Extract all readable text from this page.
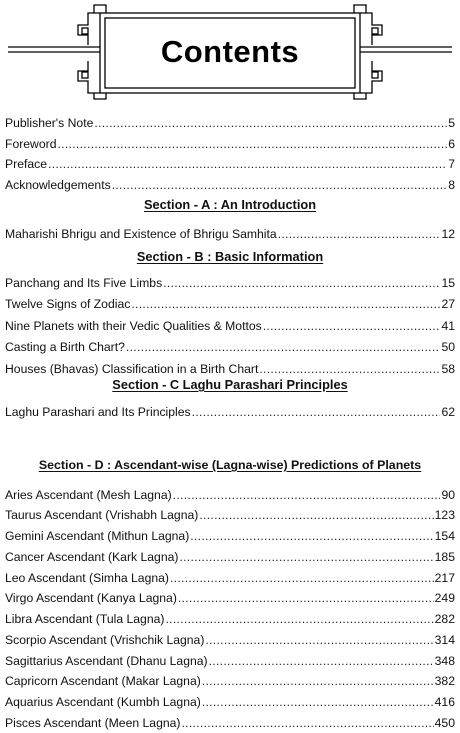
Contents
Publisher's Note .....	5
Foreword .....	6
Preface .....	7
Acknowledgements .....	8
Section - A : An Introduction
Maharishi Bhrigu and Existence of Bhrigu Samhita .....	12
Section - B : Basic Information
Panchang and Its Five Limbs .....	15
Twelve Signs of Zodiac .....	27
Nine Planets with their Vedic Qualities & Mottos .....	41
Casting a Birth Chart? .....	50
Houses (Bhavas) Classification in a Birth Chart .....	58
Section - C Laghu Parashari Principles
Laghu Parashari and Its Principles .....	62
Section - D : Ascendant-wise (Lagna-wise) Predictions of Planets
Aries Ascendant (Mesh Lagna) .....	90
Taurus Ascendant (Vrishabh Lagna) .....	123
Gemini Ascendant (Mithun Lagna) .....	154
Cancer Ascendant (Kark Lagna) .....	185
Leo Ascendant (Simha Lagna) .....	217
Virgo Ascendant (Kanya Lagna) .....	249
Libra Ascendant (Tula Lagna) .....	282
Scorpio Ascendant (Vrishchik Lagna) .....	314
Sagittarius Ascendant (Dhanu Lagna) .....	348
Capricorn Ascendant (Makar Lagna) .....	382
Aquarius Ascendant (Kumbh Lagna) .....	416
Pisces Ascendant (Meen Lagna) .....	450
